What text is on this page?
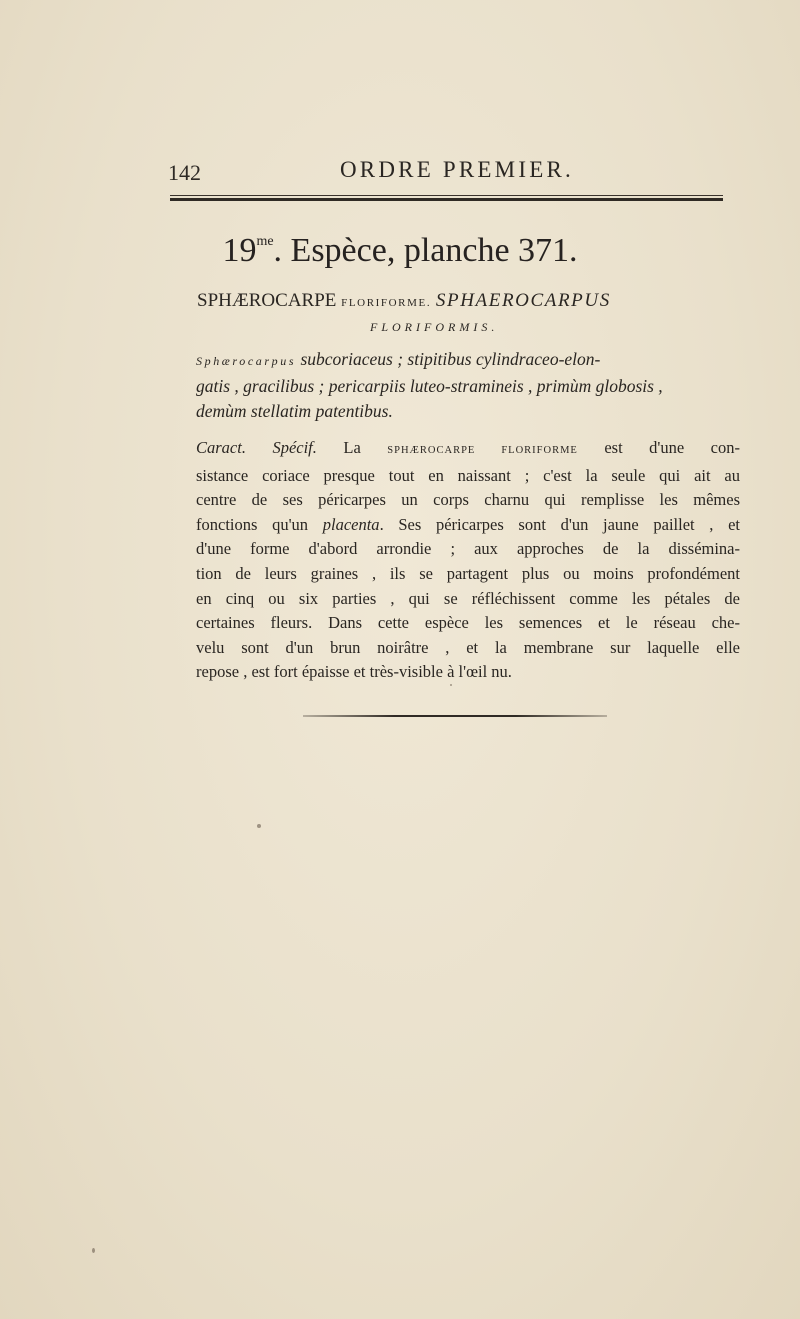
142	ORDRE PREMIER.
$19^{me}$. Espèce, planche 371.
SPHÆROCARPE FLORIFORME. SPHAEROCARPUS
FLORIFORMIS.
Sphærocarpus subcoriaceus ; stipitibus cylindraceo-elon-
gatis , gracilibus ; pericarpiis luteo-stramineis , primùm globosis ,
demùm stellatim patentibus.
Caract. Spécif. La SPHÆROCARPE FLORIFORME est d'une con-
sistance coriace presque tout en naissant ; c'est la seule qui ait au
centre de ses péricarpes un corps charnu qui remplisse les mêmes
fonctions qu'un placenta. Ses péricarpes sont d'un jaune paillet , et
d'une forme d'abord arrondie ; aux approches de la dissémina-
tion de leurs graines , ils se partagent plus ou moins profondément
en cinq ou six parties , qui se réfléchissent comme les pétales de
certaines fleurs. Dans cette espèce les semences et le réseau che-
velu sont d'un brun noirâtre , et la membrane sur laquelle elle
repose , est fort épaisse et très-visible à l'œil nu.
